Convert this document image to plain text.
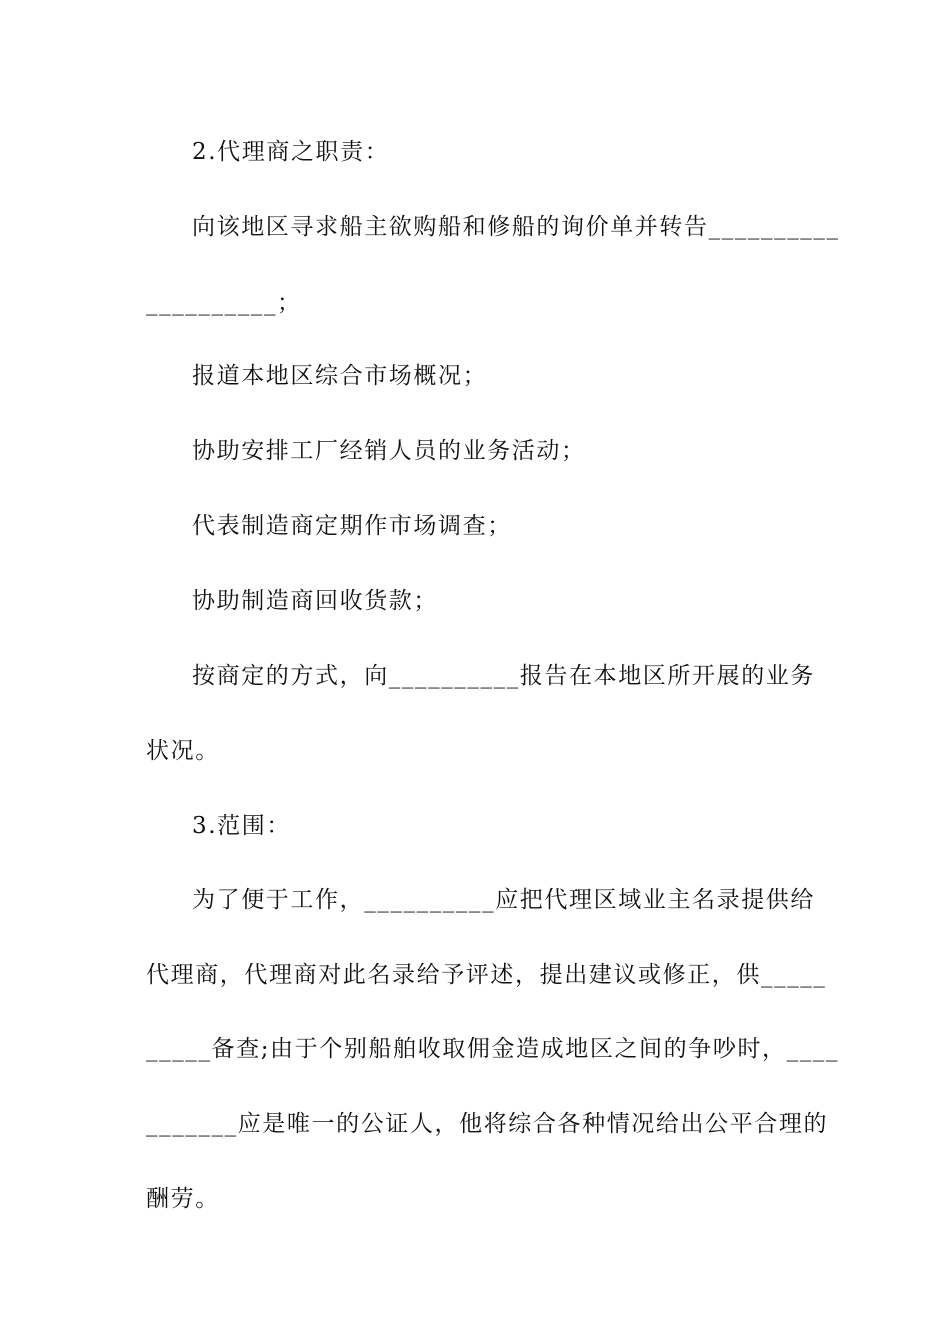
2.代理商之职责：
向该地区寻求船主欲购船和修船的询价单并转告__________
__________；
报道本地区综合市场概况；
协助安排工厂经销人员的业务活动；
代表制造商定期作市场调查；
协助制造商回收货款；
按商定的方式，向__________报告在本地区所开展的业务
状况。
3.范围：
为了便于工作，__________应把代理区域业主名录提供给
代理商，代理商对此名录给予评述，提出建议或修正，供_____
_____备查;由于个别船舶收取佣金造成地区之间的争吵时，____
_______应是唯一的公证人，他将综合各种情况给出公平合理的
酬劳。
